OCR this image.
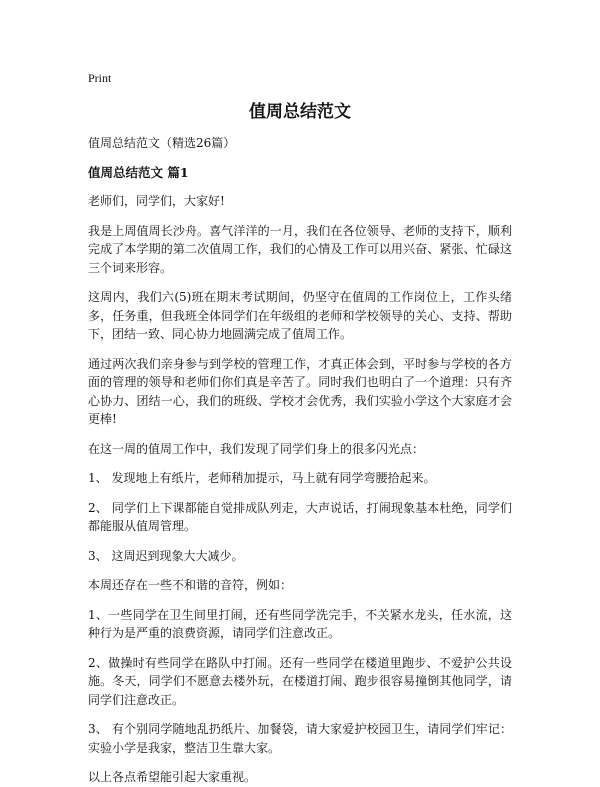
Print
值周总结范文
值周总结范文（精选26篇）
值周总结范文 篇1

老师们，同学们，大家好!

我是上周值周长沙舟。喜气洋洋的一月，我们在各位领导、老师的支持下，顺利完成了本学期的第二次值周工作，我们的心情及工作可以用兴奋、紧张、忙碌这三个词来形容。

这周内，我们六(5)班在期末考试期间，仍坚守在值周的工作岗位上，工作头绪多，任务重，但我班全体同学们在年级组的老师和学校领导的关心、支持、帮助下，团结一致、同心协力地圆满完成了值周工作。

通过两次我们亲身参与到学校的管理工作，才真正体会到，平时参与学校的各方面的管理的领导和老师们你们真是辛苦了。同时我们也明白了一个道理：只有齐心协力、团结一心，我们的班级、学校才会优秀，我们实验小学这个大家庭才会更棒!

在这一周的值周工作中，我们发现了同学们身上的很多闪光点：

1、 发现地上有纸片，老师稍加提示，马上就有同学弯腰拾起来。

2、 同学们上下课都能自觉排成队列走，大声说话，打闹现象基本杜绝，同学们都能服从值周管理。

3、 这周迟到现象大大减少。

本周还存在一些不和谐的音符，例如：

1、一些同学在卫生间里打闹，还有些同学洗完手，不关紧水龙头，任水流，这种行为是严重的浪费资源，请同学们注意改正。

2、做操时有些同学在路队中打闹。还有一些同学在楼道里跑步、不爱护公共设施。冬天，同学们不愿意去楼外玩，在楼道打闹、跑步很容易撞倒其他同学，请同学们注意改正。

3、 有个别同学随地乱扔纸片、加餐袋，请大家爱护校园卫生，请同学们牢记：实验小学是我家，整洁卫生靠大家。

以上各点希望能引起大家重视。
